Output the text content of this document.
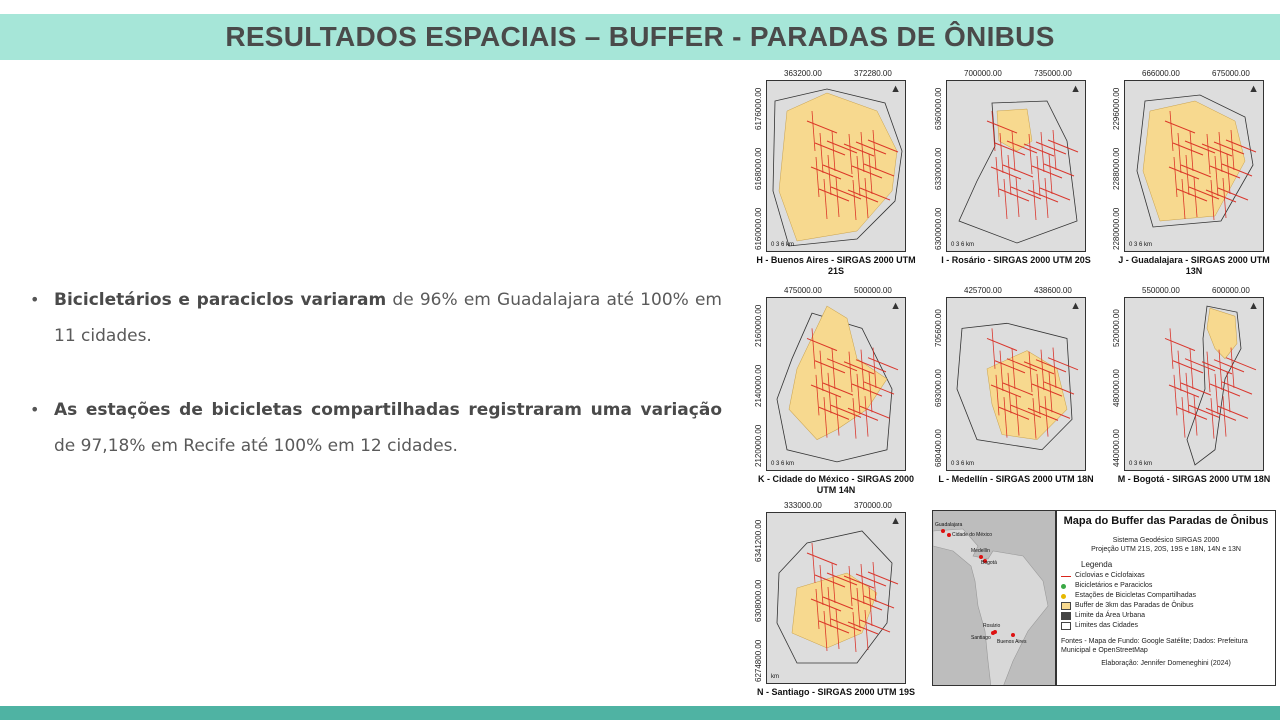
RESULTADOS ESPACIAIS – BUFFER - PARADAS DE ÔNIBUS
• Bicicletários e paraciclos variaram de 96% em Guadalajara até 100% em 11 cidades.

• As estações de bicicletas compartilhadas registraram uma variação de 97,18% em Recife até 100% em 12 cidades.

363200.00	372280.00
6176000.00
6168000.00
6160000.00
▲
0 3 6 km
H - Buenos Aires - SIRGAS 2000 UTM 21S
700000.00	735000.00
6360000.00
6330000.00
6300000.00
▲
0 3 6 km
I - Rosário - SIRGAS 2000 UTM 20S
666000.00	675000.00
2296000.00
2288000.00
2280000.00
▲
0 3 6 km
J - Guadalajara - SIRGAS 2000 UTM 13N
475000.00	500000.00
2160000.00
2140000.00
2120000.00
▲
0 3 6 km
K - Cidade do México - SIRGAS 2000 UTM 14N
425700.00	438600.00
705600.00
693000.00
680400.00
▲
0 3 6 km
L - Medellín - SIRGAS 2000 UTM 18N
550000.00	600000.00
520000.00
480000.00
440000.00
▲
0 3 6 km
M - Bogotá - SIRGAS 2000 UTM 18N
333000.00	370000.00
6341200.00
6308000.00
6274800.00
▲
km
N - Santiago - SIRGAS 2000 UTM 19S
Guadalajara
Cidade do México
Medellín
Bogotá
Rosário
Santiago
Buenos Aires
Mapa do Buffer das Paradas de Ônibus
Sistema Geodésico SIRGAS 2000
Projeção UTM 21S, 20S, 19S e 18N, 14N e 13N
Legenda
Ciclovias e Ciclofaixas
Bicicletários e Paraciclos
Estações de Bicicletas Compartilhadas
Buffer de 3km das Paradas de Ônibus
Limite da Área Urbana
Limites das Cidades
Fontes - Mapa de Fundo: Google Satélite; Dados: Prefeitura Municipal e OpenStreetMap
Elaboração: Jennifer Domeneghini (2024)
